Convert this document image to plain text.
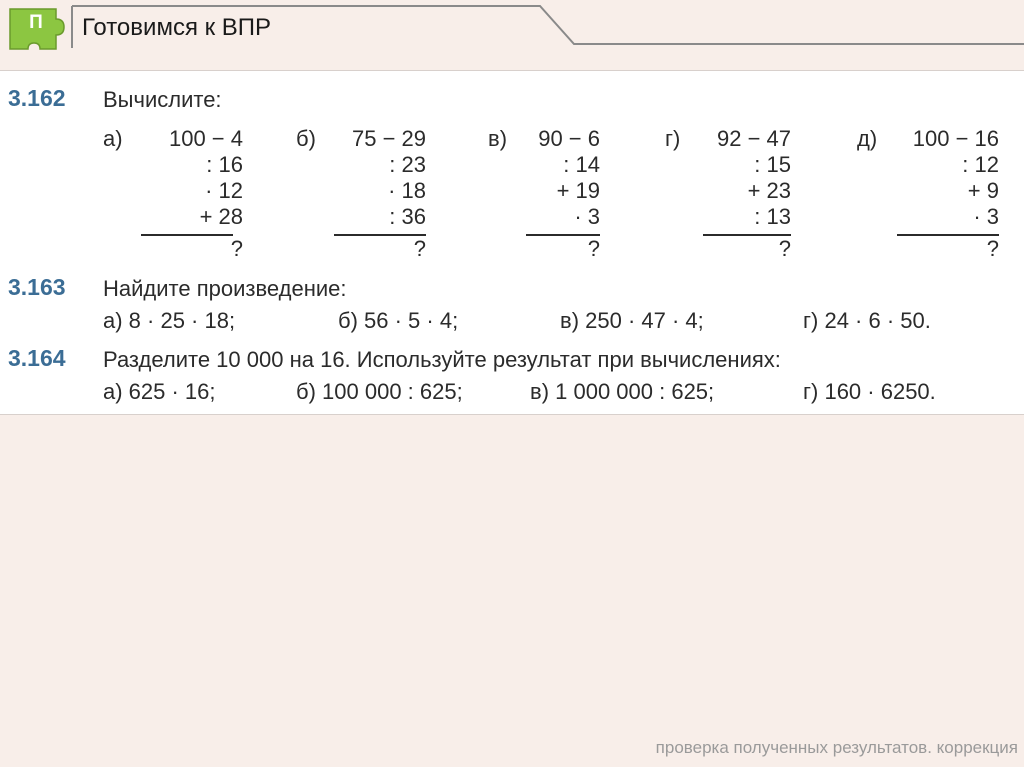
П Готовимся к ВПР
3.162 Вычислите:
а)	100 − 4
: 16
· 12
+ 28
?
б)	75 − 29
: 23
· 18
: 36
?
в)	90 − 6
: 14
+ 19
· 3
?
г)	92 − 47
: 15
+ 23
: 13
?
д)	100 − 16
: 12
+ 9
· 3
?
3.163 Найдите произведение:
а) 8 · 25 · 18;	б) 56 · 5 · 4;	в) 250 · 47 · 4;	г) 24 · 6 · 50.
3.164 Разделите 10 000 на 16. Используйте результат при вычислениях:
а) 625 · 16;	б) 100 000 : 625;	в) 1 000 000 : 625;	г) 160 · 6250.
проверка полученных результатов. коррекция
